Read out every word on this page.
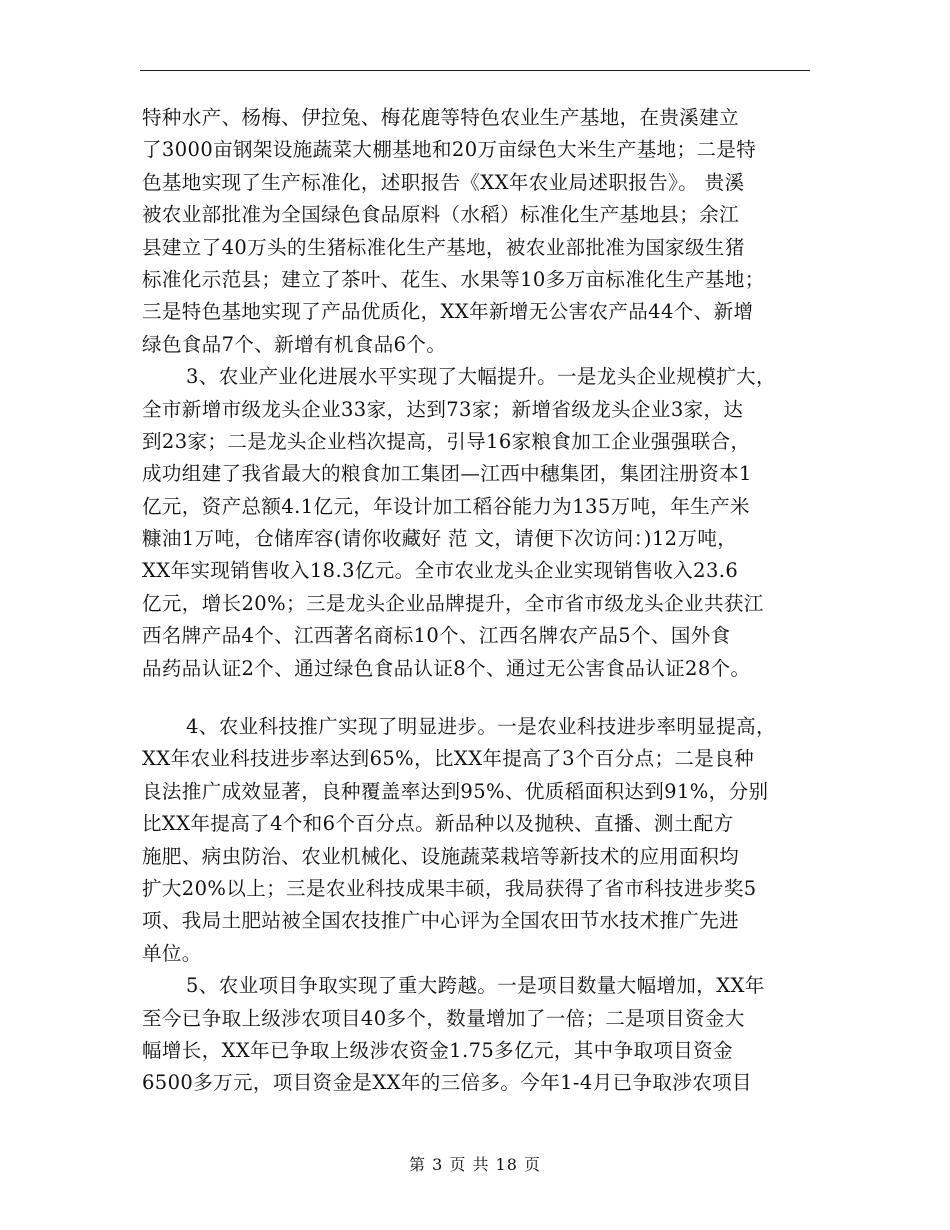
特种水产、杨梅、伊拉兔、梅花鹿等特色农业生产基地，在贵溪建立
了3000亩钢架设施蔬菜大棚基地和20万亩绿色大米生产基地；二是特
色基地实现了生产标准化，述职报告《XX年农业局述职报告》。 贵溪
被农业部批准为全国绿色食品原料（水稻）标准化生产基地县；余江
县建立了40万头的生猪标准化生产基地，被农业部批准为国家级生猪
标准化示范县；建立了茶叶、花生、水果等10多万亩标准化生产基地；
三是特色基地实现了产品优质化，XX年新增无公害农产品44个、新增
绿色食品7个、新增有机食品6个。
3、农业产业化进展水平实现了大幅提升。一是龙头企业规模扩大，
全市新增市级龙头企业33家，达到73家；新增省级龙头企业3家，达
到23家；二是龙头企业档次提高，引导16家粮食加工企业强强联合，
成功组建了我省最大的粮食加工集团—江西中穗集团，集团注册资本1
亿元，资产总额4.1亿元，年设计加工稻谷能力为135万吨，年生产米
糠油1万吨，仓储库容(请你收藏好 范 文，请便下次访问：)12万吨，
XX年实现销售收入18.3亿元。全市农业龙头企业实现销售收入23.6
亿元，增长20%；三是龙头企业品牌提升，全市省市级龙头企业共获江
西名牌产品4个、江西著名商标10个、江西名牌农产品5个、国外食
品药品认证2个、通过绿色食品认证8个、通过无公害食品认证28个。
4、农业科技推广实现了明显进步。一是农业科技进步率明显提高，
XX年农业科技进步率达到65%，比XX年提高了3个百分点；二是良种
良法推广成效显著，良种覆盖率达到95%、优质稻面积达到91%，分别
比XX年提高了4个和6个百分点。新品种以及抛秧、直播、测土配方
施肥、病虫防治、农业机械化、设施蔬菜栽培等新技术的应用面积均
扩大20%以上；三是农业科技成果丰硕，我局获得了省市科技进步奖5
项、我局土肥站被全国农技推广中心评为全国农田节水技术推广先进
单位。
5、农业项目争取实现了重大跨越。一是项目数量大幅增加，XX年
至今已争取上级涉农项目40多个，数量增加了一倍；二是项目资金大
幅增长，XX年已争取上级涉农资金1.75多亿元，其中争取项目资金
6500多万元，项目资金是XX年的三倍多。今年1-4月已争取涉农项目
第 3 页 共 18 页
